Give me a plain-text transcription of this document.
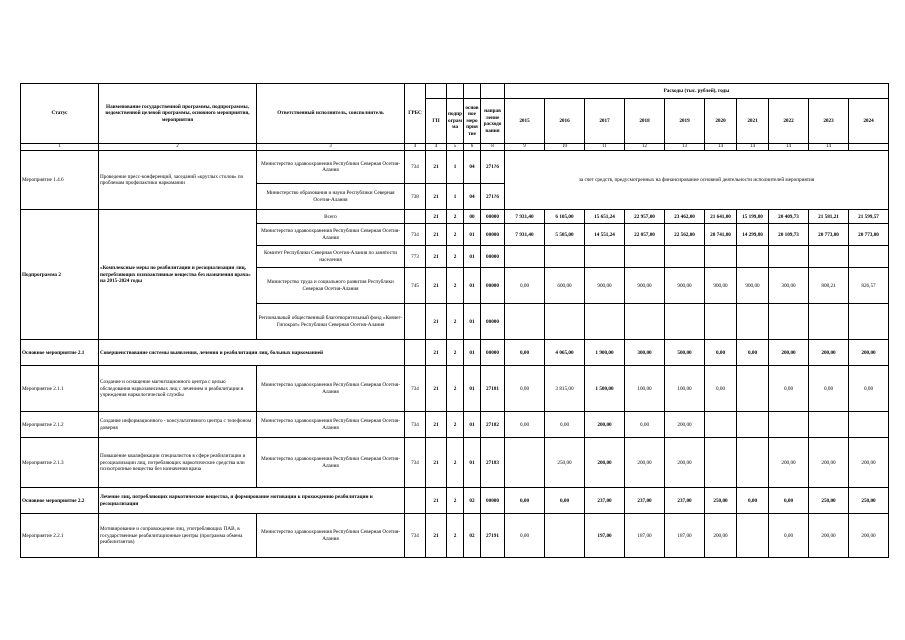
Статус	Наименование государственной программы, подпрограммы, ведомственной целевой программы, основного мероприятия, мероприятия	Ответственный исполнитель, соисполнитель	ГРБС					Расходы (тыс. рублей), годы									
				ГП	подпр ограм ма	основ ное меро прия тие	направ ление расходо вания	2015	2016	2017	2018	2019	2020	2021	2022	2023	2024
1	2	3	4	4	5	6	8	9	10	11	12	13	14	14	14	14	
Мероприятие 1.4.6	Проведение пресс-конференций, заседаний «круглых столов» по проблемам профилактики наркомании	Министерство здравоохранения Республики Северная Осетия-Алания	734	21	1	04	271?6	за счет средств, предусмотренных на финансирование основной деятельности исполнителей мероприятия									
		Министерство образования и науки Республики Северная Осетия-Алания	738	21	1	04	271?6										
Подпрограмма 2	«Комплексные меры по реабилитации и ресоциализации лиц, потребляющих психоактивные вещества без назначения врача» на 2015-2024 годы	Всего		21	2	00	00000	7 931,40	6 105,00	15 651,24	22 957,00	23 462,00	21 641,00	15 199,80	20 409,73	21 581,21	21 599,57
		Министерство здравоохранения Республики Северная Осетия-Алания	734	21	2	01	00000	7 931,40	5 505,00	14 551,24	22 057,00	22 562,00	20 741,00	14 299,80	20 109,73	20 773,00	20 773,00
		Комитет Республики Северная Осетия-Алания по занятости населения	773	21	2	01	00000										
		Министерство труда и социального развития Республики Северная Осетия-Алания	745	21	2	01	00000	0,00	600,00	900,00	900,00	900,00	900,00	900,00	300,00	808,21	826,57
		Региональный общественный благотворительный фонд «Ковчег-Гипократ» Республики Северная Осетия-Алания		21	2	01	00000										
Основное мероприятие 2.1	Совершенствование системы выявления, лечения и реабилитации лиц, больных наркоманией			21	2	01	00000	0,00	4 065,00	1 900,00	300,00	500,00	0,00	0,00	200,00	200,00	200,00
Мероприятие 2.1.1	Создание и оснащение магнитационного центра с целью обследования наркозависимых лиц с лечением и реабилитации в учреждения наркологической службы	Министерство здравоохранения Республики Северная Осетия-Алания	734	21	2	01	27181	0,00	3 815,00	1 500,00	100,00	100,00	0,00		0,00	0,00	0,00
Мероприятие 2.1.2	Создание информационного - консультативного центра с телефоном доверия	Министерство здравоохранения Республики Северная Осетия-Алания	734	21	2	01	27182	0,00	0,00	200,00	0,00	200,00					
Мероприятие 2.1.3	Повышение квалификации специалистов в сфере реабилитации и ресоциализации лиц, потребляющих наркотические средства или психотропные вещества без назначения врача	Министерство здравоохранения Республики Северная Осетия-Алания	734	21	2	01	27183		250,00	200,00	200,00	200,00			200,00	200,00	200,00
Основное мероприятие 2.2	Лечение лиц, потребляющих наркотические вещества, и формирование мотивации к прохождению реабилитации и ресоциализации			21	2	02	00000	0,00	0,00	237,00	237,00	237,00	250,00	0,00	0,00	250,00	250,00
Мероприятие 2.2.1	Мотивирование и сопровождение лиц, употребляющих ПАВ, в государственные реабилитационные центры (программа обмена реабилитантов)	Министерство здравоохранения Республики Северная Осетия-Алания	734	21	2	02	27191	0,00		197,00	187,00	187,00	200,00		0,00	200,00	200,00
